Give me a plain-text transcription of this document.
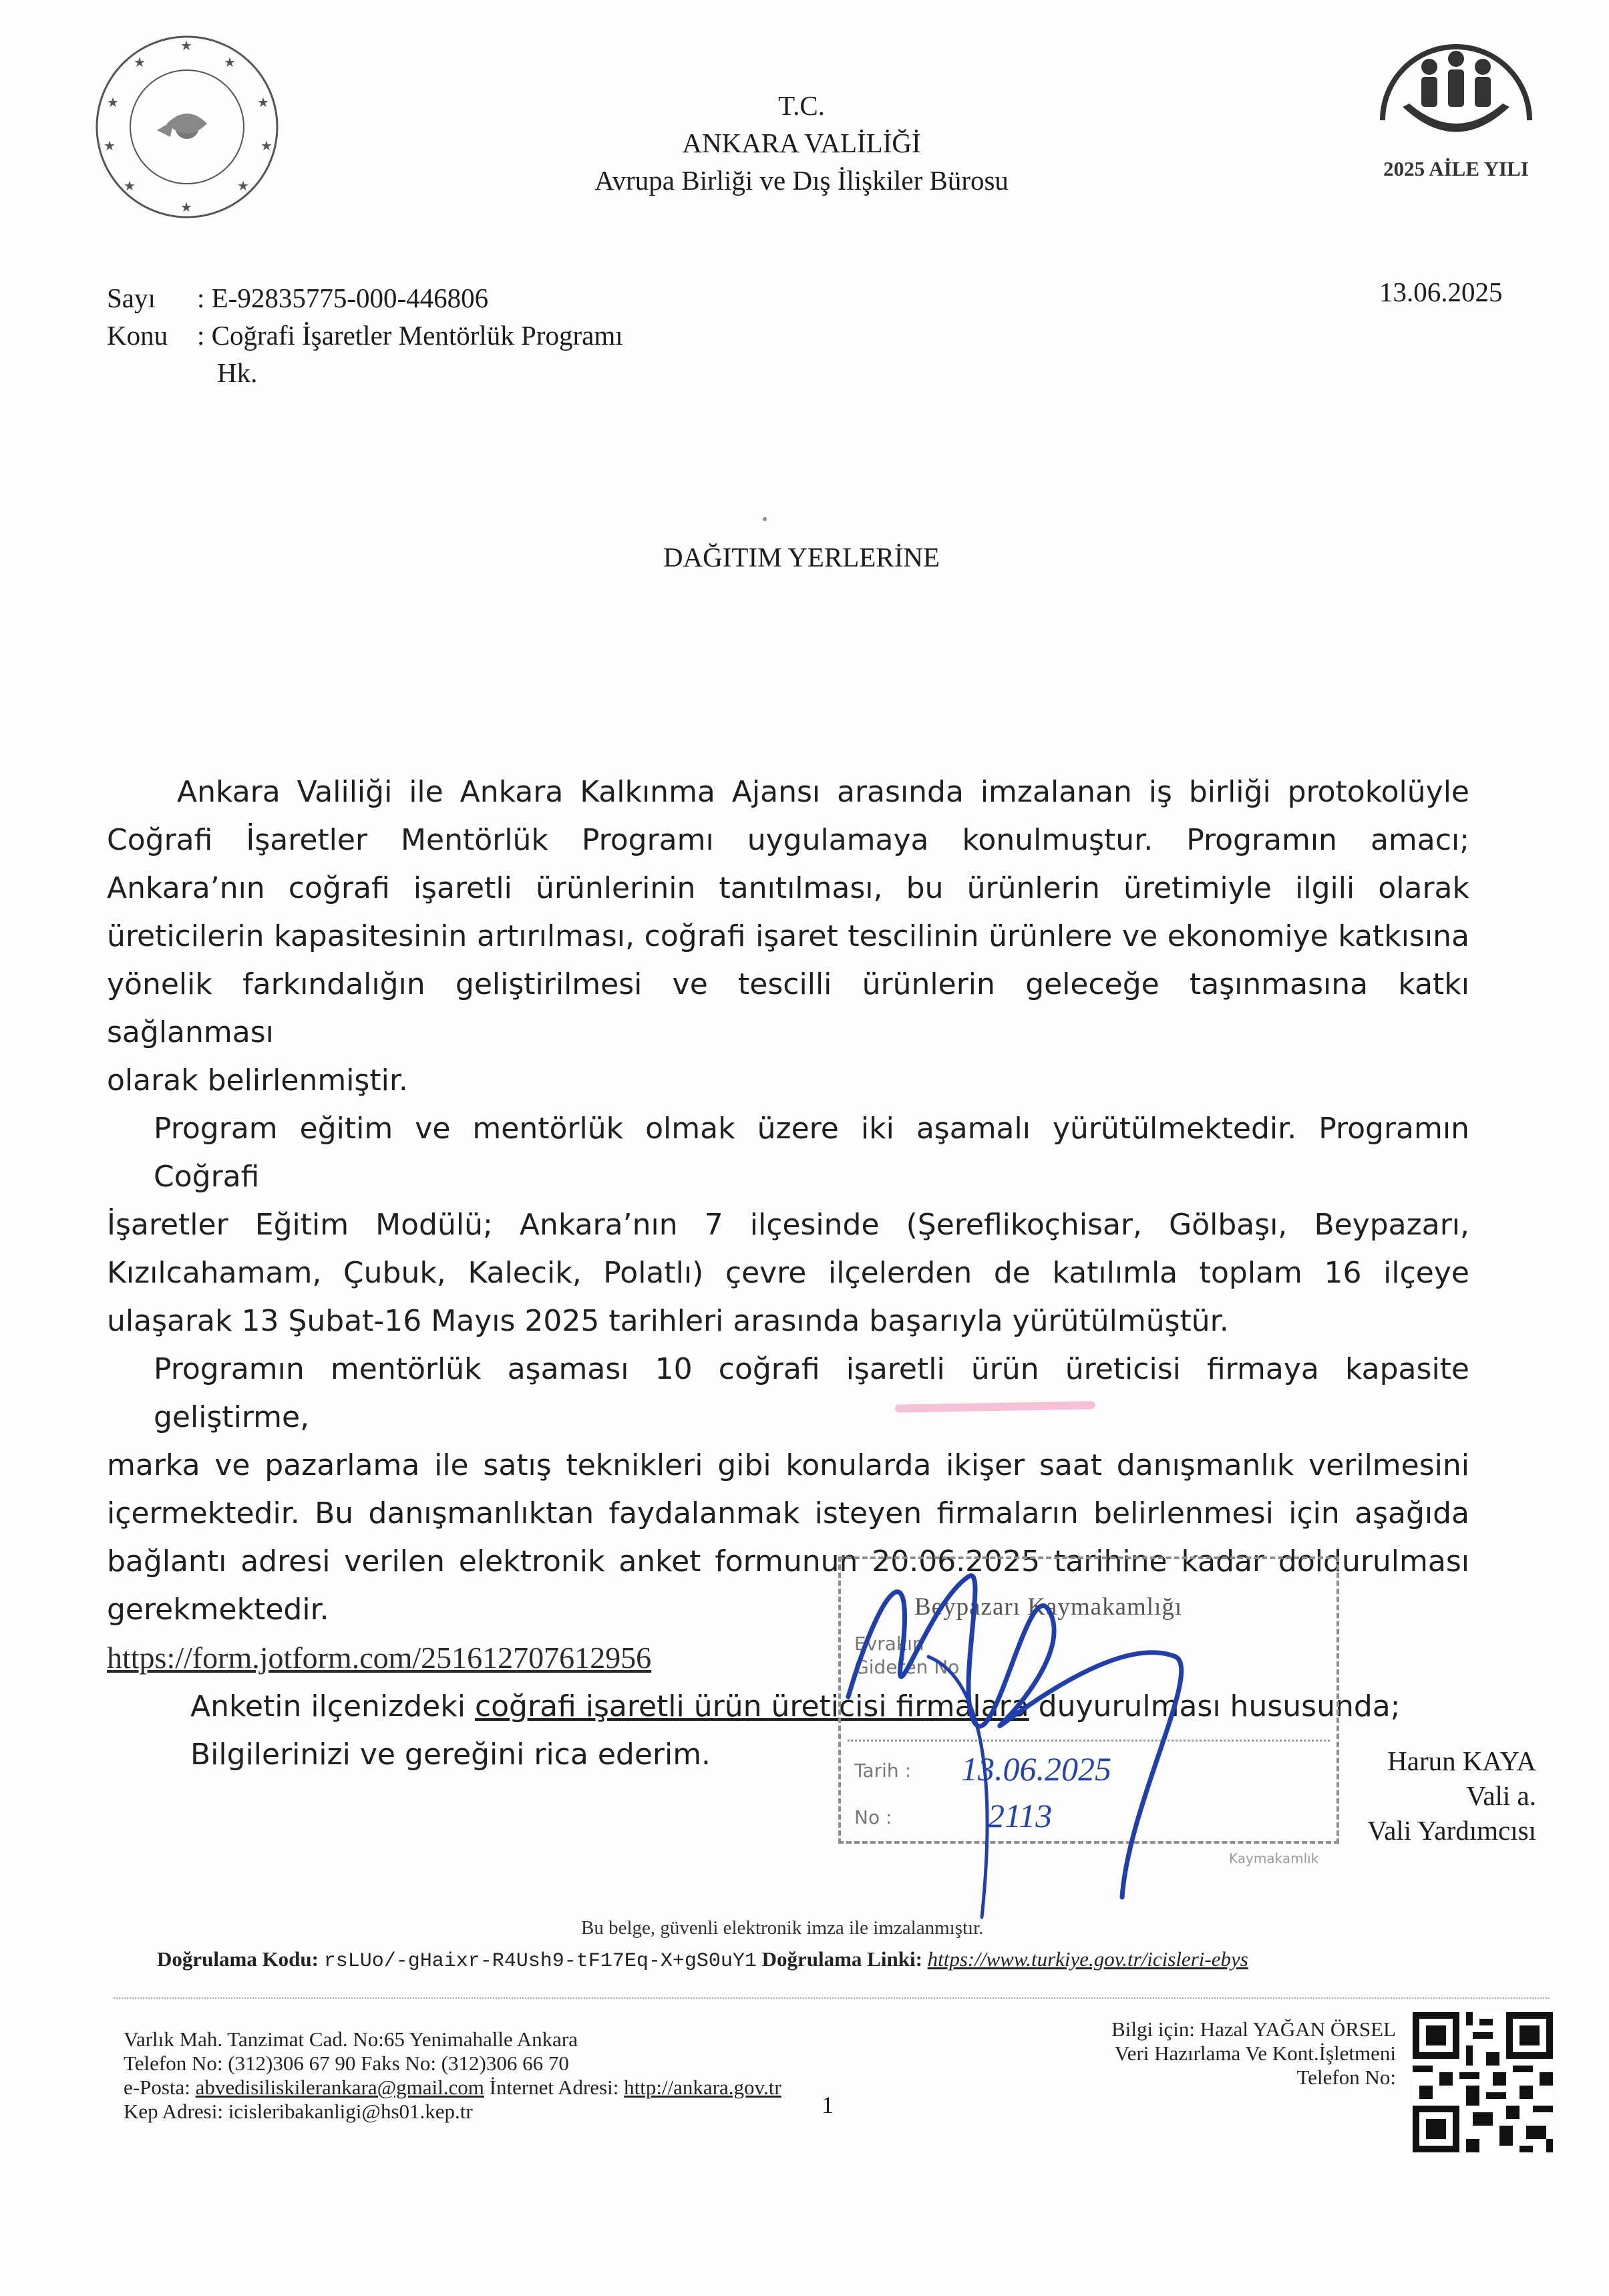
★
★	★
★	★
★	★
★	★
★
2025 AİLE YILI
T.C.
ANKARA VALİLİĞİ
Avrupa Birliği ve Dış İlişkiler Bürosu
Sayı	: E-92835775-000-446806
Konu	: Coğrafi İşaretler Mentörlük Programı
Hk.
13.06.2025
DAĞITIM YERLERİNE

Ankara Valiliği ile Ankara Kalkınma Ajansı arasında imzalanan iş birliği protokolüyle

Coğrafi İşaretler Mentörlük Programı uygulamaya konulmuştur. Programın amacı;

Ankara’nın coğrafi işaretli ürünlerinin tanıtılması, bu ürünlerin üretimiyle ilgili olarak

üreticilerin kapasitesinin artırılması, coğrafi işaret tescilinin ürünlere ve ekonomiye katkısına

yönelik farkındalığın geliştirilmesi ve tescilli ürünlerin geleceğe taşınmasına katkı sağlanması

olarak belirlenmiştir.

Program eğitim ve mentörlük olmak üzere iki aşamalı yürütülmektedir. Programın Coğrafi

İşaretler Eğitim Modülü; Ankara’nın 7 ilçesinde (Şereflikoçhisar, Gölbaşı, Beypazarı,

Kızılcahamam, Çubuk, Kalecik, Polatlı) çevre ilçelerden de katılımla toplam 16 ilçeye

ulaşarak 13 Şubat-16 Mayıs 2025 tarihleri arasında başarıyla yürütülmüştür.

Programın mentörlük aşaması 10 coğrafi işaretli ürün üreticisi firmaya kapasite geliştirme,

marka ve pazarlama ile satış teknikleri gibi konularda ikişer saat danışmanlık verilmesini

içermektedir. Bu danışmanlıktan faydalanmak isteyen firmaların belirlenmesi için aşağıda

bağlantı adresi verilen elektronik anket formunun 20.06.2025 tarihine kadar doldurulması

gerekmektedir.

https://form.jotform.com/251612707612956

Anketin ilçenizdeki coğrafi işaretli ürün üreticisi firmalara duyurulması hususunda;

Bilgilerinizi ve gereğini rica ederim.

Beypazarı Kaymakamlığı
Evrakın
Gideren No :
Tarih : 13.06.2025
No :	2113
Kaymakamlık
Harun KAYA
Vali a.
Vali Yardımcısı
Bu belge, güvenli elektronik imza ile imzalanmıştır.
Doğrulama Kodu: rsLUo/-gHaixr-R4Ush9-tF17Eq-X+gS0uY1 Doğrulama Linki: https://www.turkiye.gov.tr/icisleri-ebys
Varlık Mah. Tanzimat Cad. No:65 Yenimahalle Ankara
Telefon No: (312)306 67 90 Faks No: (312)306 66 70
e-Posta: abvedisiliskilerankara@gmail.com İnternet Adresi: http://ankara.gov.tr
Kep Adresi: icisleribakanligi@hs01.kep.tr
Bilgi için: Hazal YAĞAN ÖRSEL
Veri Hazırlama Ve Kont.İşletmeni
Telefon No:
1
